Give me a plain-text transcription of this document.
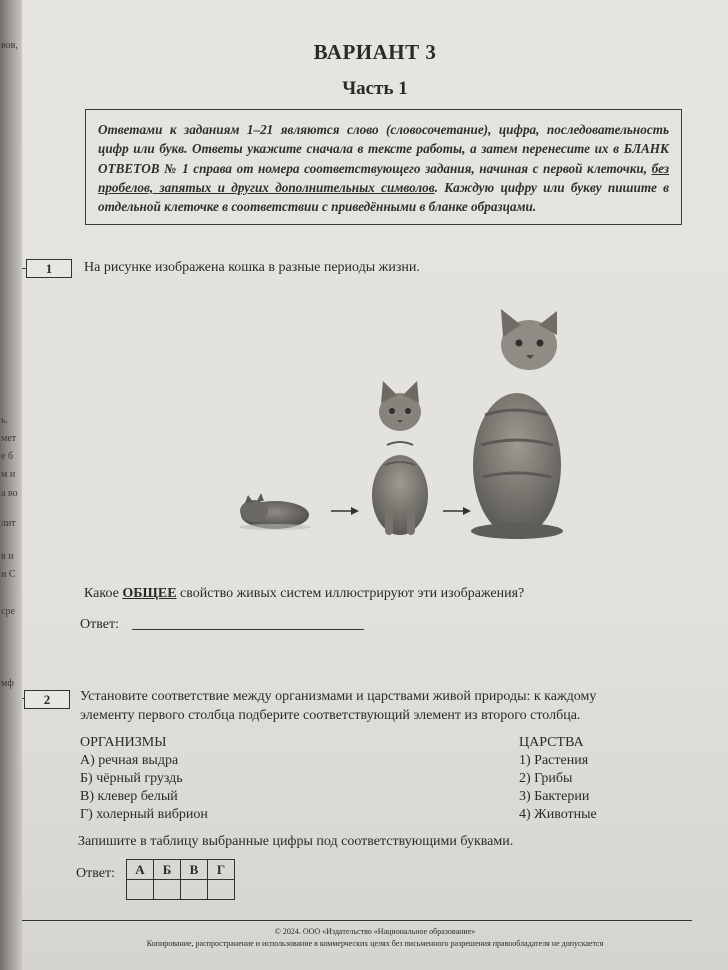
вов,
ь.
мет
е б
м и
а во
лит
в и
и С
сре
мф
ВАРИАНТ 3
Часть 1
Ответами к заданиям 1–21 являются слово (словосочетание), цифра, последовательность цифр или букв. Ответы укажите сначала в тексте работы, а затем перенесите их в БЛАНК ОТВЕТОВ № 1 справа от номера соответствующего задания, начиная с первой клеточки, без пробелов, запятых и других дополнительных символов. Каждую цифру или букву пишите в отдельной клеточке в соответствии с приведёнными в бланке образцами.
1	На рисунке изображена кошка в разные периоды жизни.
Какое ОБЩЕЕ свойство живых систем иллюстрируют эти изображения?
Ответ:
2	Установите соответствие между организмами и царствами живой природы: к каждому
элементу первого столбца подберите соответствующий элемент из второго столбца.
ОРГАНИЗМЫ
А) речная выдра
Б) чёрный груздь
В) клевер белый
Г) холерный вибрион
ЦАРСТВА
1) Растения
2) Грибы
3) Бактерии
4) Животные
Запишите в таблицу выбранные цифры под соответствующими буквами.
Ответ: А	Б	В	Г

© 2024. ООО «Издательство «Национальное образование»
Копирование, распространение и использование в коммерческих целях без письменного разрешения правообладателя не допускается
